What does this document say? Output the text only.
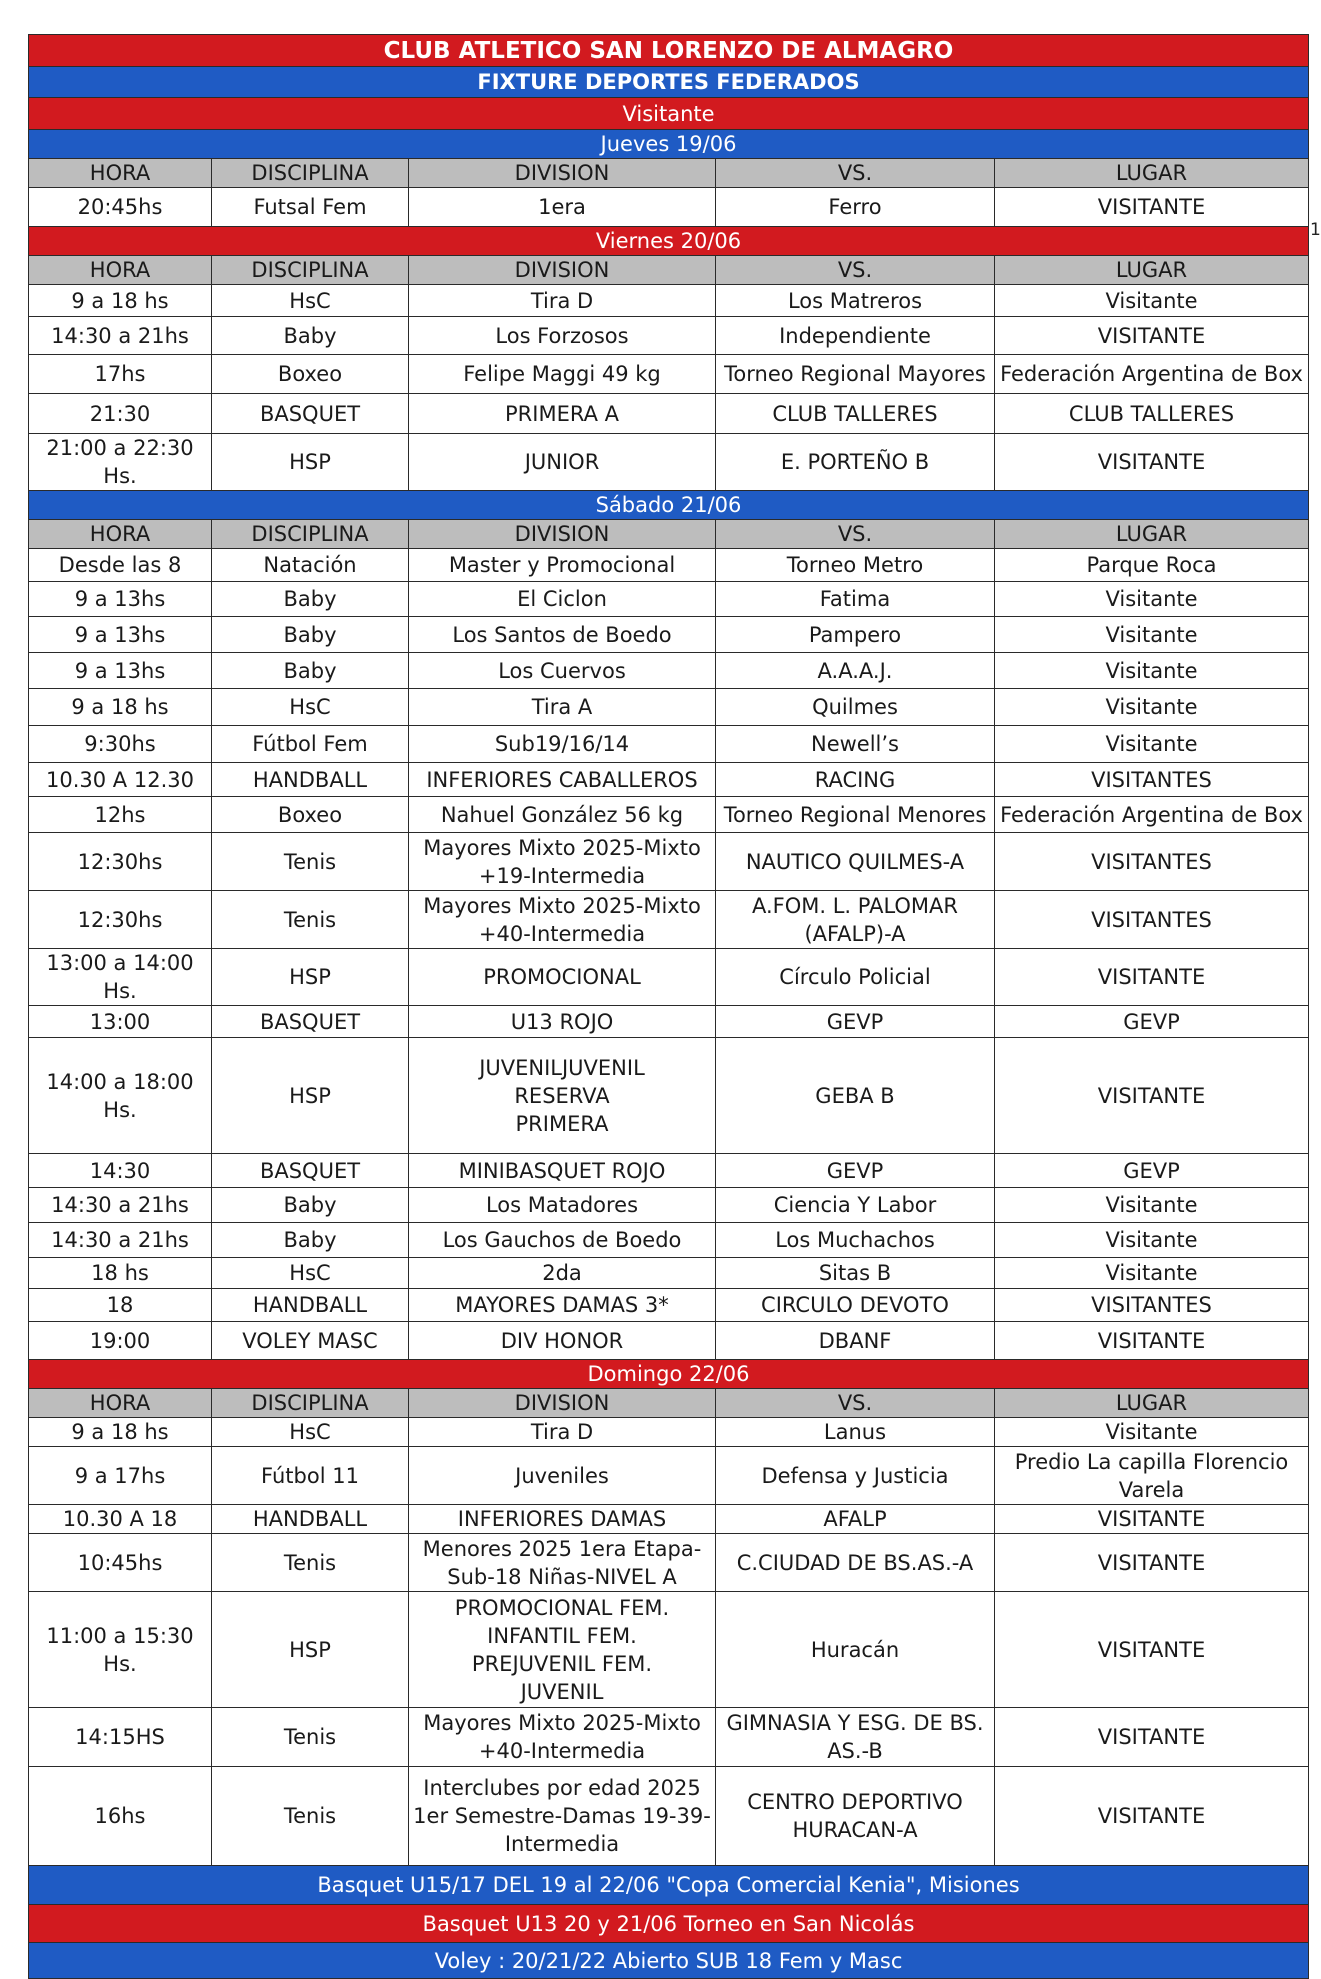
CLUB ATLETICO SAN LORENZO DE ALMAGRO				
FIXTURE DEPORTES FEDERADOS				
Visitante				
Jueves 19/06				
HORA	DISCIPLINA	DIVISION	VS.	LUGAR
20:45hs	Futsal Fem	1era	Ferro	VISITANTE
Viernes 20/06				
HORA	DISCIPLINA	DIVISION	VS.	LUGAR
9 a 18 hs	HsC	Tira D	Los Matreros	Visitante
14:30 a 21hs	Baby	Los Forzosos	Independiente	VISITANTE
17hs	Boxeo	Felipe Maggi 49 kg	Torneo Regional Mayores	Federación Argentina de Box
21:30	BASQUET	PRIMERA A	CLUB TALLERES	CLUB TALLERES
21:00 a 22:30 Hs.	HSP	JUNIOR	E. PORTEÑO B	VISITANTE
Sábado 21/06				
HORA	DISCIPLINA	DIVISION	VS.	LUGAR
Desde las 8	Natación	Master y Promocional	Torneo Metro	Parque Roca
9 a 13hs	Baby	El Ciclon	Fatima	Visitante
9 a 13hs	Baby	Los Santos de Boedo	Pampero	Visitante
9 a 13hs	Baby	Los Cuervos	A.A.A.J.	Visitante
9 a 18 hs	HsC	Tira A	Quilmes	Visitante
9:30hs	Fútbol Fem	Sub19/16/14	Newell’s	Visitante
10.30 A 12.30	HANDBALL	INFERIORES CABALLEROS	RACING	VISITANTES
12hs	Boxeo	Nahuel González 56 kg	Torneo Regional Menores	Federación Argentina de Box
12:30hs	Tenis	Mayores Mixto 2025-Mixto +19-Intermedia	NAUTICO QUILMES-A	VISITANTES
12:30hs	Tenis	Mayores Mixto 2025-Mixto +40-Intermedia	A.FOM. L. PALOMAR (AFALP)-A	VISITANTES
13:00 a 14:00 Hs.	HSP	PROMOCIONAL	Círculo Policial	VISITANTE
13:00	BASQUET	U13 ROJO	GEVP	GEVP
14:00 a 18:00 Hs.	HSP	JUVENILJUVENIL
RESERVA
PRIMERA	GEBA B	VISITANTE
14:30	BASQUET	MINIBASQUET ROJO	GEVP	GEVP
14:30 a 21hs	Baby	Los Matadores	Ciencia Y Labor	Visitante
14:30 a 21hs	Baby	Los Gauchos de Boedo	Los Muchachos	Visitante
18 hs	HsC	2da	Sitas B	Visitante
18	HANDBALL	MAYORES DAMAS 3*	CIRCULO DEVOTO	VISITANTES
19:00	VOLEY MASC	DIV HONOR	DBANF	VISITANTE
Domingo 22/06				
HORA	DISCIPLINA	DIVISION	VS.	LUGAR
9 a 18 hs	HsC	Tira D	Lanus	Visitante
9 a 17hs	Fútbol 11	Juveniles	Defensa y Justicia	Predio La capilla Florencio Varela
10.30 A 18	HANDBALL	INFERIORES DAMAS	AFALP	VISITANTE
10:45hs	Tenis	Menores 2025 1era Etapa-Sub-18 Niñas-NIVEL A	C.CIUDAD DE BS.AS.-A	VISITANTE
11:00 a 15:30 Hs.	HSP	PROMOCIONAL FEM.
INFANTIL FEM.
PREJUVENIL FEM.
JUVENIL	Huracán	VISITANTE
14:15HS	Tenis	Mayores Mixto 2025-Mixto +40-Intermedia	GIMNASIA Y ESG. DE BS. AS.-B	VISITANTE
16hs	Tenis	Interclubes por edad 2025 1er Semestre-Damas 19-39-Intermedia	CENTRO DEPORTIVO HURACAN-A	VISITANTE
Basquet U15/17 DEL 19 al 22/06 "Copa Comercial Kenia", Misiones				
Basquet U13 20 y 21/06 Torneo en San Nicolás				
Voley : 20/21/22 Abierto SUB 18 Fem y Masc				
1
